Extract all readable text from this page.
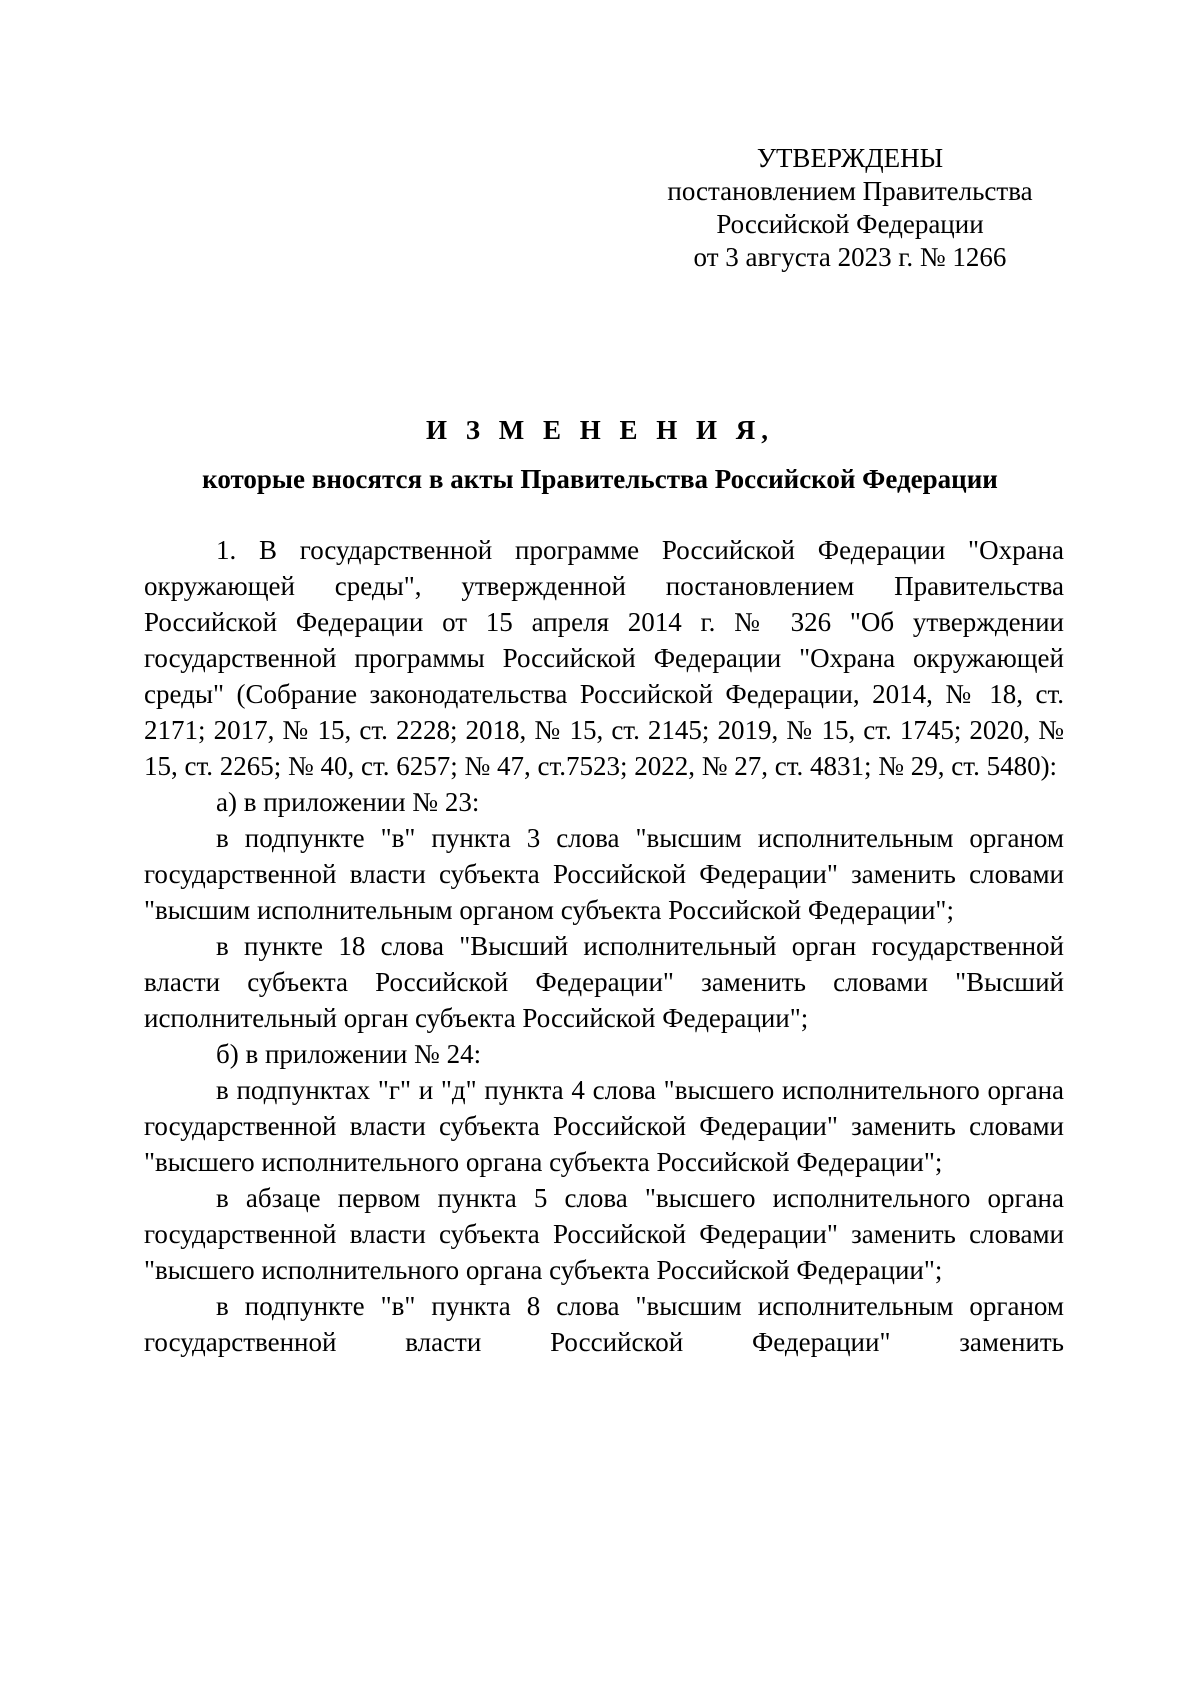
УТВЕРЖДЕНЫ
постановлением Правительства
Российской Федерации
от 3 августа 2023 г. № 1266
И З М Е Н Е Н И Я,
которые вносятся в акты Правительства Российской Федерации

1. В государственной программе Российской Федерации "Охрана окружающей среды", утвержденной постановлением Правительства Российской Федерации от 15 апреля 2014 г. № 326 "Об утверждении государственной программы Российской Федерации "Охрана окружающей среды" (Собрание законодательства Российской Федерации, 2014, № 18, ст. 2171; 2017, № 15, ст. 2228; 2018, № 15, ст. 2145; 2019, № 15, ст. 1745; 2020, № 15, ст. 2265; № 40, ст. 6257; № 47, ст.7523; 2022, № 27, ст. 4831; № 29, ст. 5480):

а) в приложении № 23:

в подпункте "в" пункта 3 слова "высшим исполнительным органом государственной власти субъекта Российской Федерации" заменить словами "высшим исполнительным органом субъекта Российской Федерации";

в пункте 18 слова "Высший исполнительный орган государственной власти субъекта Российской Федерации" заменить словами "Высший исполнительный орган субъекта Российской Федерации";

б) в приложении № 24:

в подпунктах "г" и "д" пункта 4 слова "высшего исполнительного органа государственной власти субъекта Российской Федерации" заменить словами "высшего исполнительного органа субъекта Российской Федерации";

в абзаце первом пункта 5 слова "высшего исполнительного органа государственной власти субъекта Российской Федерации" заменить словами "высшего исполнительного органа субъекта Российской Федерации";

в подпункте "в" пункта 8 слова "высшим исполнительным органом государственной власти Российской Федерации" заменить
